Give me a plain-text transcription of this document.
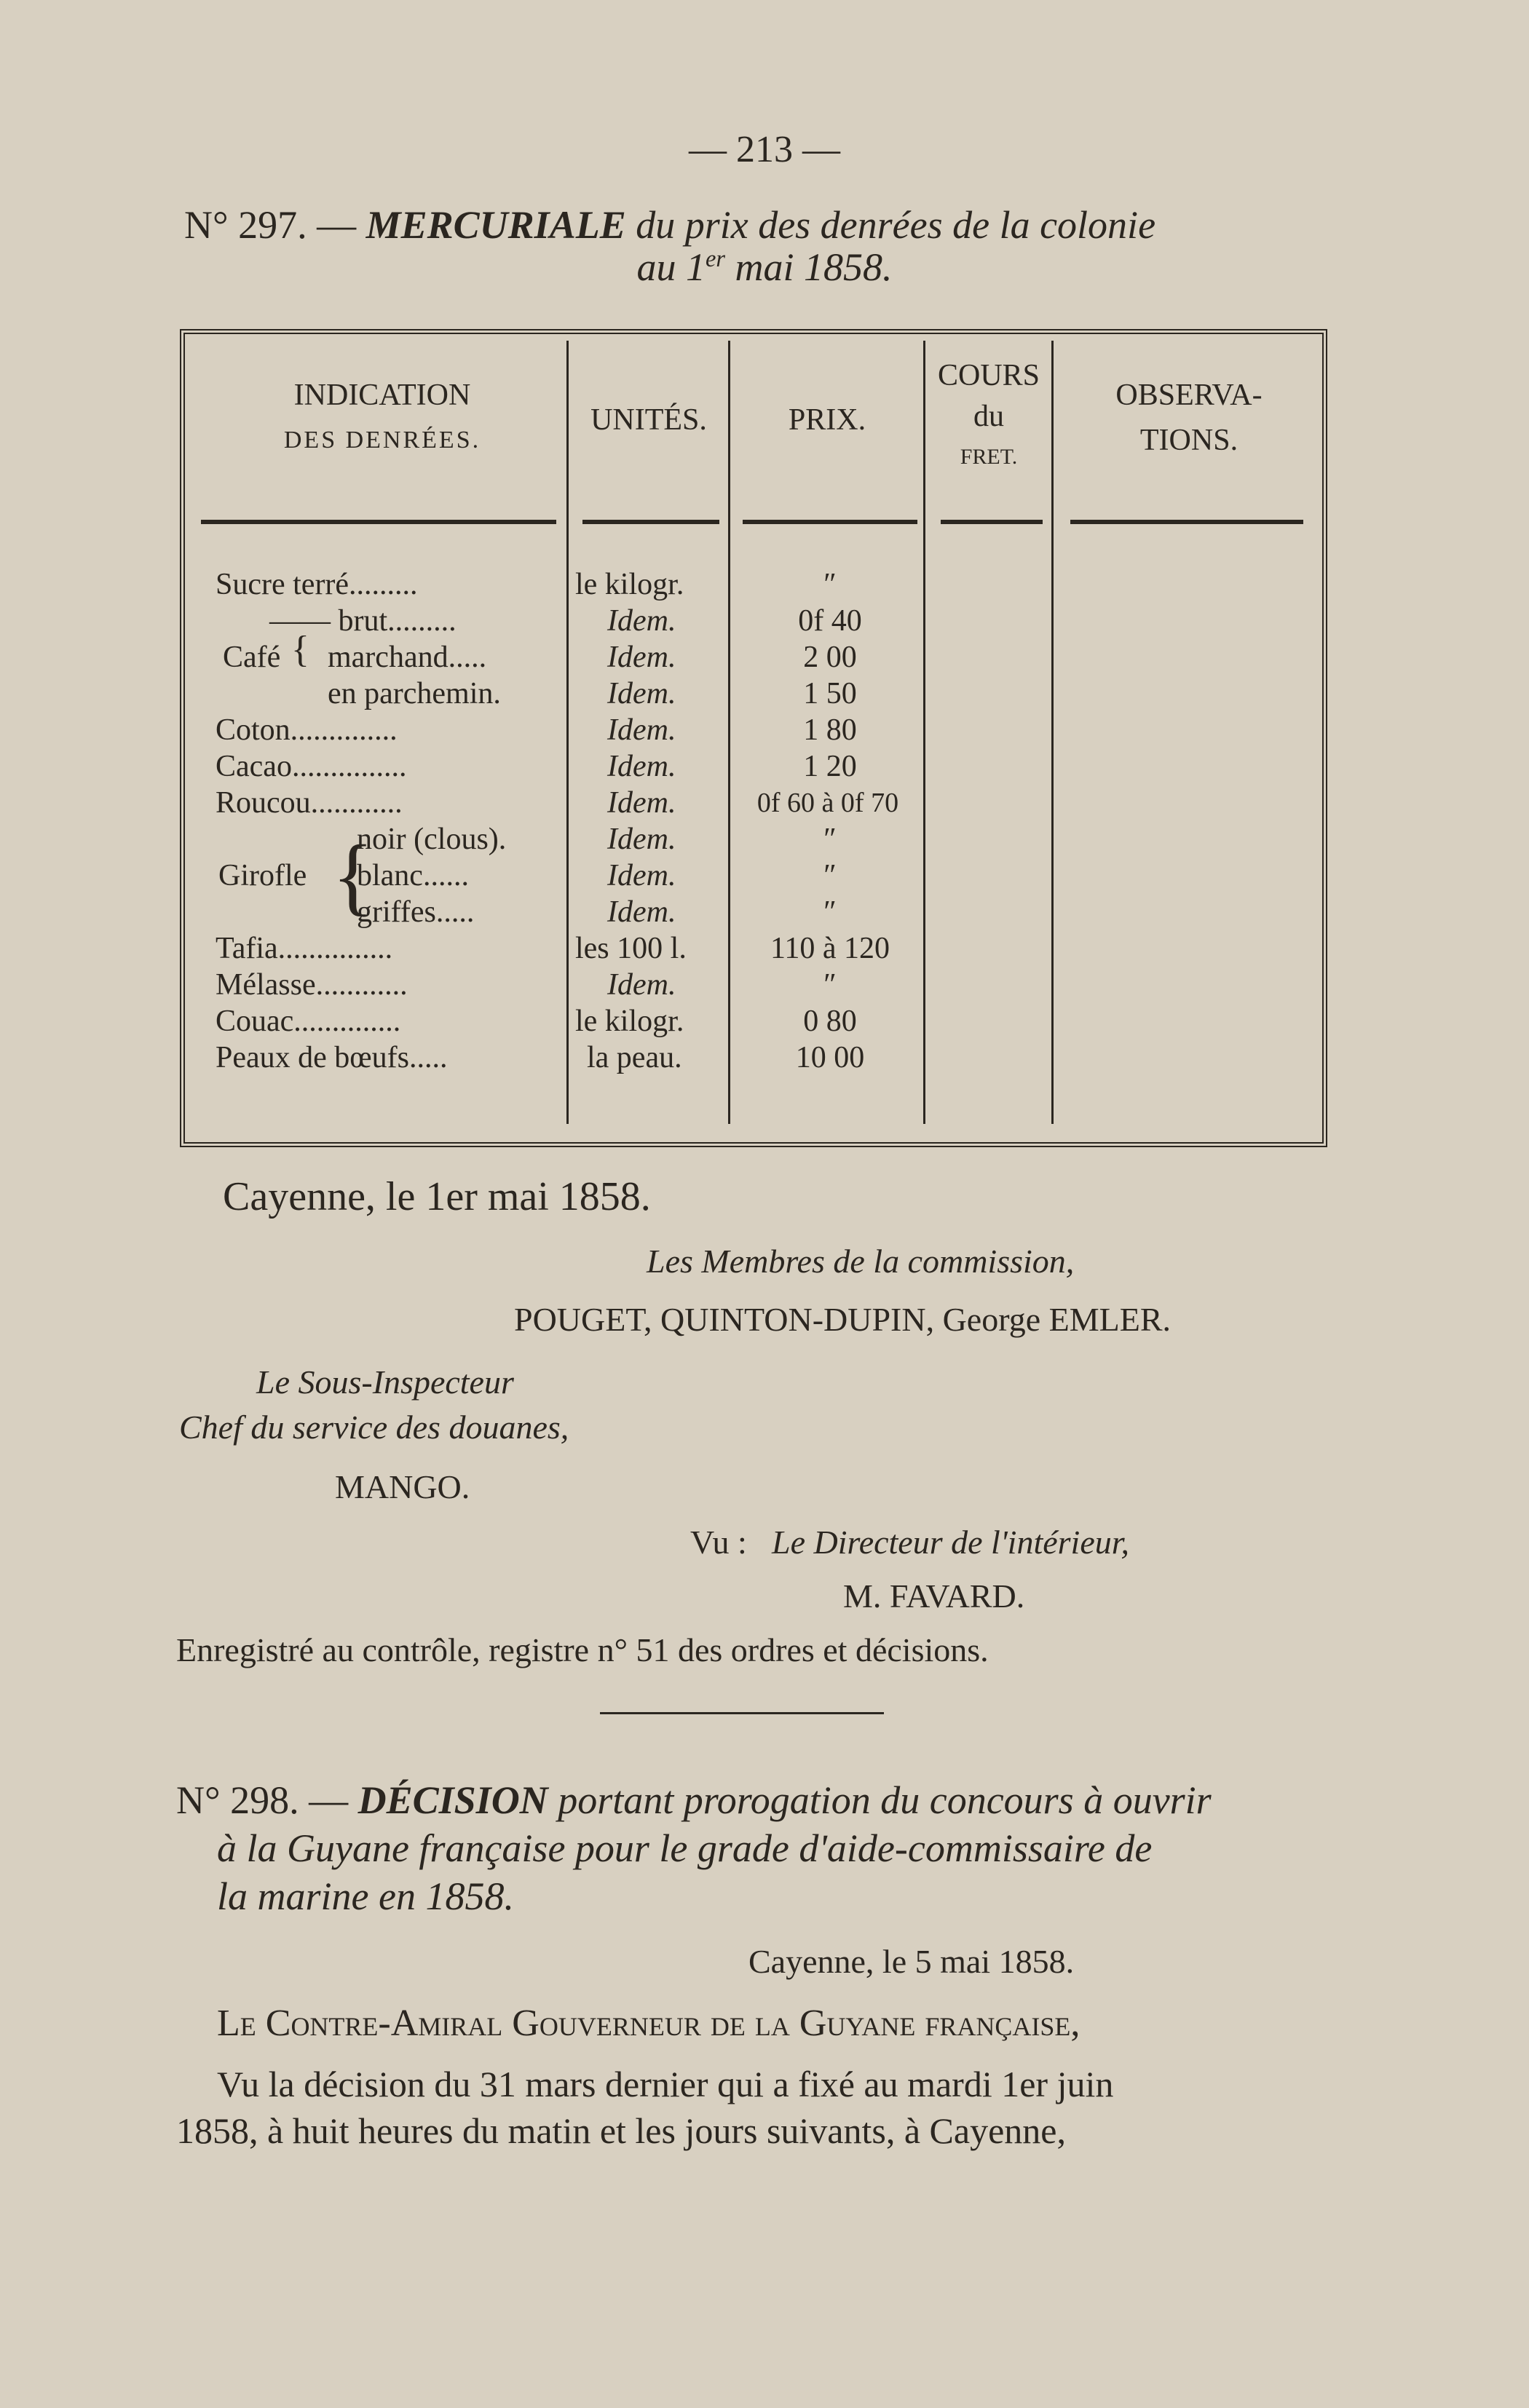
— 213 —
N° 297. — MERCURIALE du prix des denrées de la colonie
au 1er mai 1858.
INDICATION
DES DENRÉES.
UNITÉS.	PRIX.
COURS
du
FRET.
OBSERVA-
TIONS.
Sucre terré.........
—— brut.........
Café { marchand.....
en parchemin.
Coton..............
Cacao...............
Roucou............
Girofle {
noir (clous).
blanc......
griffes.....
Tafia...............
Mélasse............
Couac..............
Peaux de bœufs.....
le kilogr.
Idem.
Idem.
Idem.
Idem.
Idem.
Idem.
Idem.
Idem.
Idem.
les 100 l.
Idem.
le kilogr.
la peau.
″
0f 40
2 00
1 50
1 80
1 20
0f 60 à 0f 70
″
″
″
110 à 120
″
0 80
10 00
Cayenne, le 1er mai 1858.
Les Membres de la commission,
POUGET, QUINTON-DUPIN, George EMLER.
Le Sous-Inspecteur
Chef du service des douanes,
MANGO.
Vu : Le Directeur de l'intérieur,
M. FAVARD.
Enregistré au contrôle, registre n° 51 des ordres et décisions.
N° 298. — DÉCISION portant prorogation du concours à ouvrir
à la Guyane française pour le grade d'aide-commissaire de
la marine en 1858.
Cayenne, le 5 mai 1858.
Le Contre-Amiral Gouverneur de la Guyane française,
Vu la décision du 31 mars dernier qui a fixé au mardi 1er juin
1858, à huit heures du matin et les jours suivants, à Cayenne,
